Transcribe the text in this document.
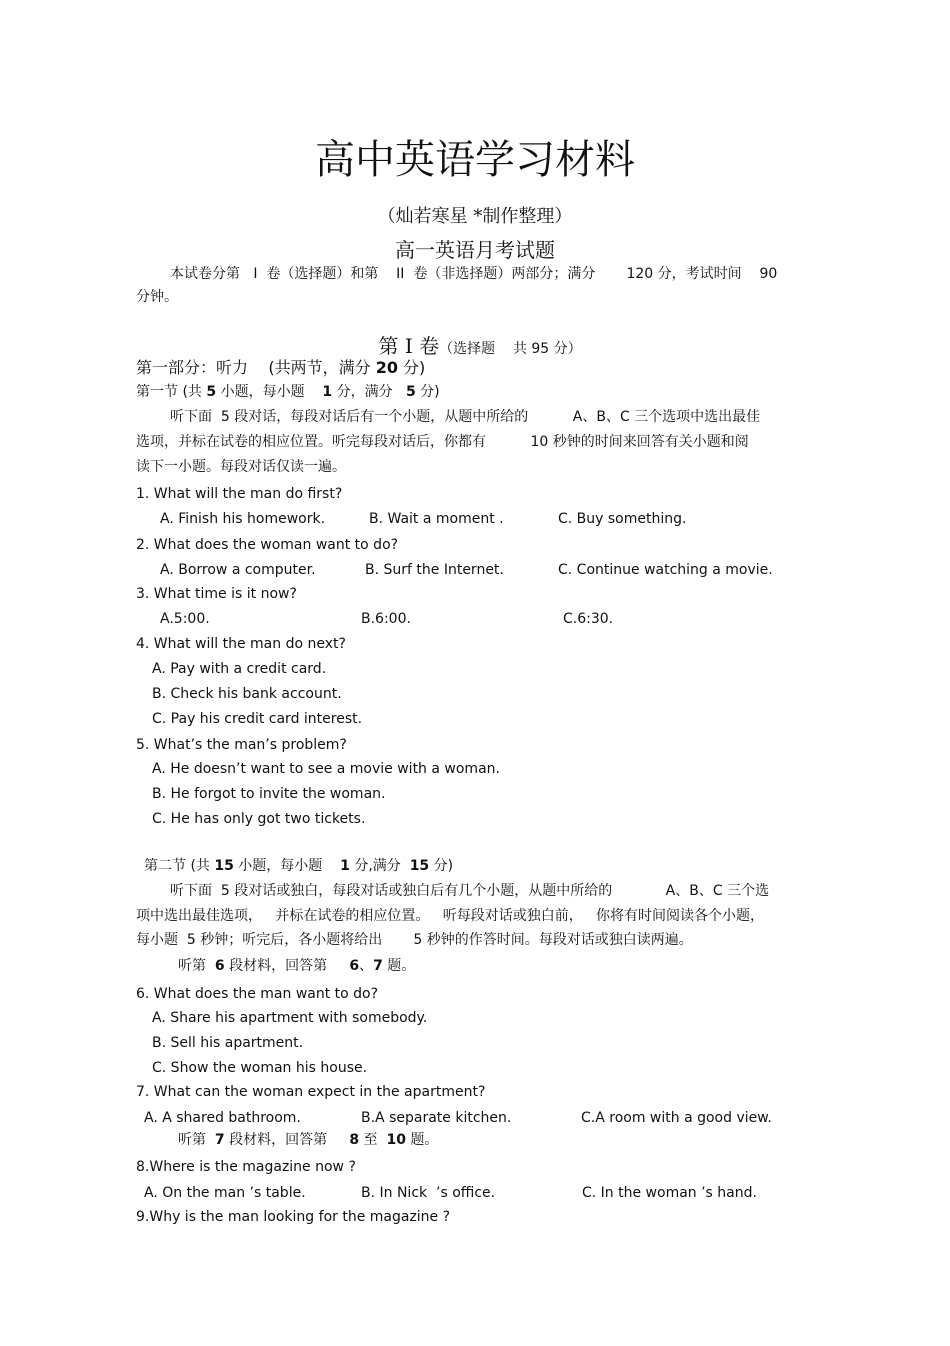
高中英语学习材料
（灿若寒星 *制作整理）
高一英语月考试题
本试卷分第   I  卷（选择题）和第    II  卷（非选择题）两部分；满分       120 分，考试时间    90
分钟。

第 I 卷（选择题    共 95 分）

第一部分：听力    (共两节，满分 20 分)
第一节 (共 5 小题，每小题    1 分，满分   5 分)
听下面  5 段对话，每段对话后有一个小题，从题中所给的          A、B、C 三个选项中选出最佳
选项，并标在试卷的相应位置。听完每段对话后，你都有          10 秒钟的时间来回答有关小题和阅
读下一小题。每段对话仅读一遍。
1. What will the man do first?
A. Finish his homework.	B. Wait a moment .	C. Buy something.
2. What does the woman want to do?
A. Borrow a computer.	B. Surf the Internet.	C. Continue watching a movie.
3. What time is it now?
A.5:00.	B.6:00.	C.6:30.
4. What will the man do next?
A. Pay with a credit card.
B. Check his bank account.
C. Pay his credit card interest.
5. What’s the man’s problem?
A. He doesn’t want to see a movie with a woman.
B. He forgot to invite the woman.
C. He has only got two tickets.
第二节 (共 15 小题，每小题    1 分,满分  15 分)
听下面  5 段对话或独白，每段对话或独白后有几个小题，从题中所给的            A、B、C 三个选
项中选出最佳选项，   并标在试卷的相应位置。   听每段对话或独白前，   你将有时间阅读各个小题，
每小题  5 秒钟；听完后，各小题将给出       5 秒钟的作答时间。每段对话或独白读两遍。
听第  6 段材料，回答第     6、7 题。
6. What does the man want to do?
A. Share his apartment with somebody.
B. Sell his apartment.
C. Show the woman his house.
7. What can the woman expect in the apartment?
A. A shared bathroom.	B.A separate kitchen.	C.A room with a good view.
听第  7 段材料，回答第     8 至  10 题。
8.Where is the magazine now ?
A. On the man ’s table.	B. In Nick  ’s office.	C. In the woman ’s hand.
9.Why is the man looking for the magazine ?
